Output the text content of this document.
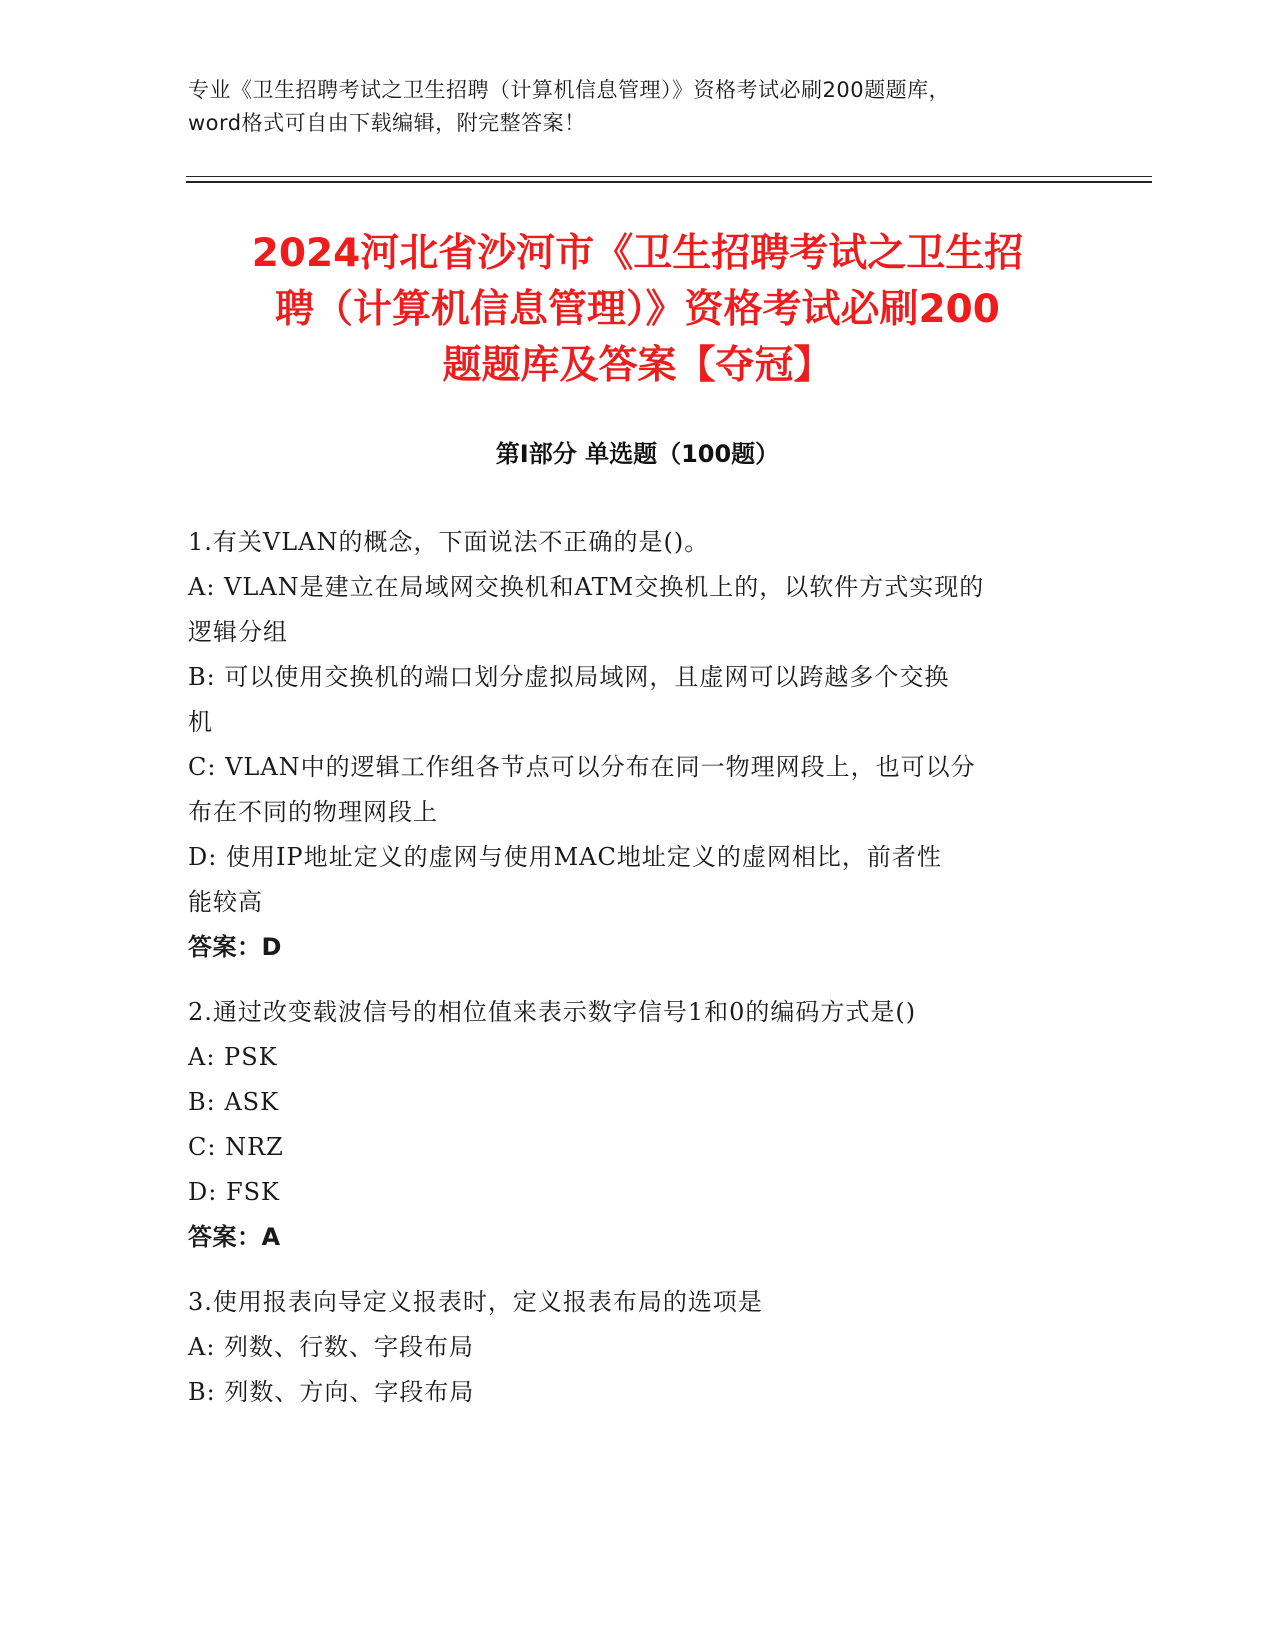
专业《卫生招聘考试之卫生招聘（计算机信息管理）》资格考试必刷200题题库，
word格式可自由下载编辑，附完整答案！
2024河北省沙河市《卫生招聘考试之卫生招
聘（计算机信息管理）》资格考试必刷200
题题库及答案【夺冠】
第I部分 单选题（100题）
1.有关VLAN的概念，下面说法不正确的是()。
A: VLAN是建立在局域网交换机和ATM交换机上的，以软件方式实现的
逻辑分组
B: 可以使用交换机的端口划分虚拟局域网，且虚网可以跨越多个交换
机
C: VLAN中的逻辑工作组各节点可以分布在同一物理网段上，也可以分
布在不同的物理网段上
D: 使用IP地址定义的虚网与使用MAC地址定义的虚网相比，前者性
能较高
答案：D
2.通过改变载波信号的相位值来表示数字信号1和0的编码方式是()
A: PSK
B: ASK
C: NRZ
D: FSK
答案：A
3.使用报表向导定义报表时，定义报表布局的选项是
A: 列数、行数、字段布局
B: 列数、方向、字段布局
